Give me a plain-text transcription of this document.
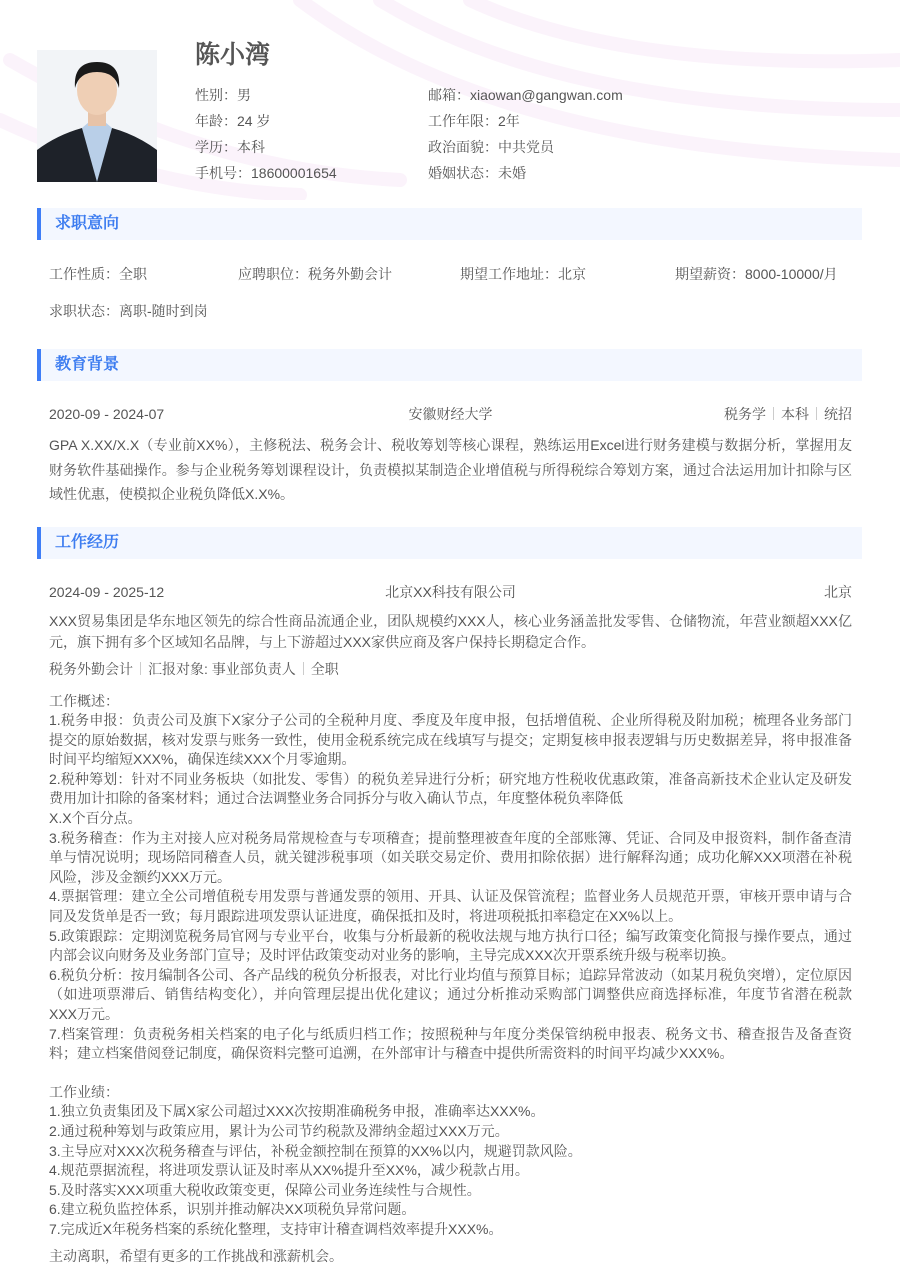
陈小湾
性别：男
年龄：24 岁
学历：本科
手机号：18600001654
邮箱：xiaowan@gangwan.com
工作年限：2年
政治面貌：中共党员
婚姻状态：未婚
求职意向
工作性质：全职	应聘职位：税务外勤会计	期望工作地址：北京	期望薪资：8000-10000/月
求职状态：离职-随时到岗
教育背景
2020-09 - 2024-07	安徽财经大学	税务学 本科 统招
GPA X.XX/X.X（专业前XX%），主修税法、税务会计、税收筹划等核心课程，熟练运用Excel进行财务建模与数据分析，掌握用友财务软件基础操作。参与企业税务筹划课程设计，负责模拟某制造企业增值税与所得税综合筹划方案，通过合法运用加计扣除与区域性优惠，使模拟企业税负降低X.X%。
工作经历
2024-09 - 2025-12	北京XX科技有限公司	北京
XXX贸易集团是华东地区领先的综合性商品流通企业，团队规模约XXX人，核心业务涵盖批发零售、仓储物流，年营业额超XXX亿元，旗下拥有多个区域知名品牌，与上下游超过XXX家供应商及客户保持长期稳定合作。
税务外勤会计 汇报对象: 事业部负责人 全职
工作概述：
1.税务申报：负责公司及旗下X家分子公司的全税种月度、季度及年度申报，包括增值税、企业所得税及附加税；梳理各业务部门提交的原始数据，核对发票与账务一致性，使用金税系统完成在线填写与提交；定期复核申报表逻辑与历史数据差异，将申报准备时间平均缩短XXX%，确保连续XXX个月零逾期。
2.税种筹划：针对不同业务板块（如批发、零售）的税负差异进行分析；研究地方性税收优惠政策，准备高新技术企业认定及研发费用加计扣除的备案材料；通过合法调整业务合同拆分与收入确认节点，年度整体税负率降低
X.X个百分点。
3.税务稽查：作为主对接人应对税务局常规检查与专项稽查；提前整理被查年度的全部账簿、凭证、合同及申报资料，制作备查清单与情况说明；现场陪同稽查人员，就关键涉税事项（如关联交易定价、费用扣除依据）进行解释沟通；成功化解XXX项潜在补税风险，涉及金额约XXX万元。
4.票据管理：建立全公司增值税专用发票与普通发票的领用、开具、认证及保管流程；监督业务人员规范开票，审核开票申请与合同及发货单是否一致；每月跟踪进项发票认证进度，确保抵扣及时，将进项税抵扣率稳定在XX%以上。
5.政策跟踪：定期浏览税务局官网与专业平台，收集与分析最新的税收法规与地方执行口径；编写政策变化简报与操作要点，通过内部会议向财务及业务部门宣导；及时评估政策变动对业务的影响，主导完成XXX次开票系统升级与税率切换。
6.税负分析：按月编制各公司、各产品线的税负分析报表，对比行业均值与预算目标；追踪异常波动（如某月税负突增），定位原因（如进项票滞后、销售结构变化），并向管理层提出优化建议；通过分析推动采购部门调整供应商选择标准，年度节省潜在税款XXX万元。
7.档案管理：负责税务相关档案的电子化与纸质归档工作；按照税种与年度分类保管纳税申报表、税务文书、稽查报告及备查资料；建立档案借阅登记制度，确保资料完整可追溯，在外部审计与稽查中提供所需资料的时间平均减少XXX%。
工作业绩：
1.独立负责集团及下属X家公司超过XXX次按期准确税务申报，准确率达XXX%。
2.通过税种筹划与政策应用，累计为公司节约税款及滞纳金超过XXX万元。
3.主导应对XXX次税务稽查与评估，补税金额控制在预算的XX%以内，规避罚款风险。
4.规范票据流程，将进项发票认证及时率从XX%提升至XX%，减少税款占用。
5.及时落实XXX项重大税收政策变更，保障公司业务连续性与合规性。
6.建立税负监控体系，识别并推动解决XX项税负异常问题。
7.完成近X年税务档案的系统化整理，支持审计稽查调档效率提升XXX%。
主动离职，希望有更多的工作挑战和涨薪机会。
